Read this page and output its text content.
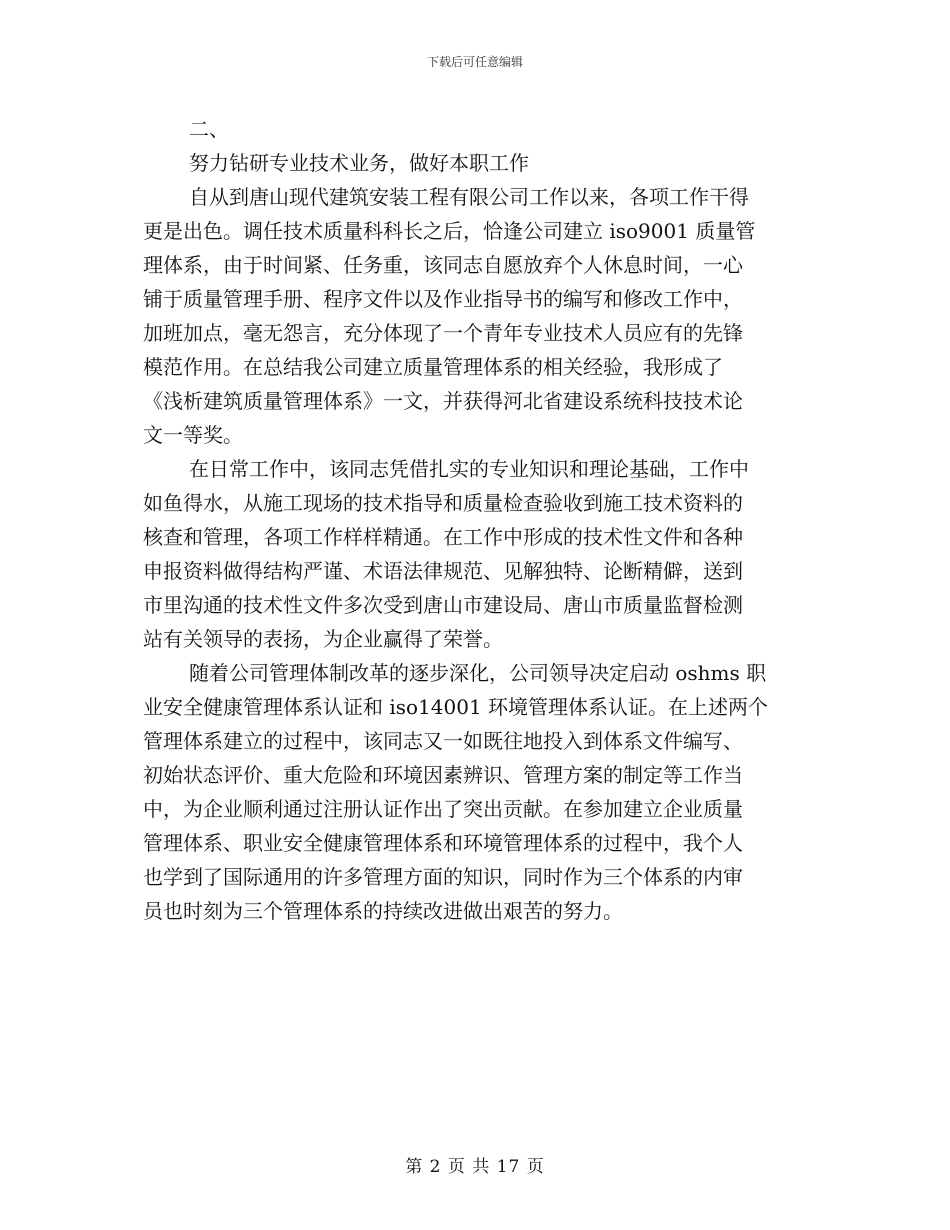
下载后可任意编辑
二、
努力钻研专业技术业务，做好本职工作
自从到唐山现代建筑安装工程有限公司工作以来，各项工作干得
更是出色。调任技术质量科科长之后，恰逢公司建立 iso9001 质量管
理体系，由于时间紧、任务重，该同志自愿放弃个人休息时间，一心
铺于质量管理手册、程序文件以及作业指导书的编写和修改工作中，
加班加点，毫无怨言，充分体现了一个青年专业技术人员应有的先锋
模范作用。在总结我公司建立质量管理体系的相关经验，我形成了
《浅析建筑质量管理体系》一文，并获得河北省建设系统科技技术论
文一等奖。
在日常工作中，该同志凭借扎实的专业知识和理论基础，工作中
如鱼得水，从施工现场的技术指导和质量检查验收到施工技术资料的
核查和管理，各项工作样样精通。在工作中形成的技术性文件和各种
申报资料做得结构严谨、术语法律规范、见解独特、论断精僻，送到
市里沟通的技术性文件多次受到唐山市建设局、唐山市质量监督检测
站有关领导的表扬，为企业赢得了荣誉。
随着公司管理体制改革的逐步深化，公司领导决定启动 oshms 职
业安全健康管理体系认证和 iso14001 环境管理体系认证。在上述两个
管理体系建立的过程中，该同志又一如既往地投入到体系文件编写、
初始状态评价、重大危险和环境因素辨识、管理方案的制定等工作当
中，为企业顺利通过注册认证作出了突出贡献。在参加建立企业质量
管理体系、职业安全健康管理体系和环境管理体系的过程中，我个人
也学到了国际通用的许多管理方面的知识，同时作为三个体系的内审
员也时刻为三个管理体系的持续改进做出艰苦的努力。
第 2 页 共 17 页
